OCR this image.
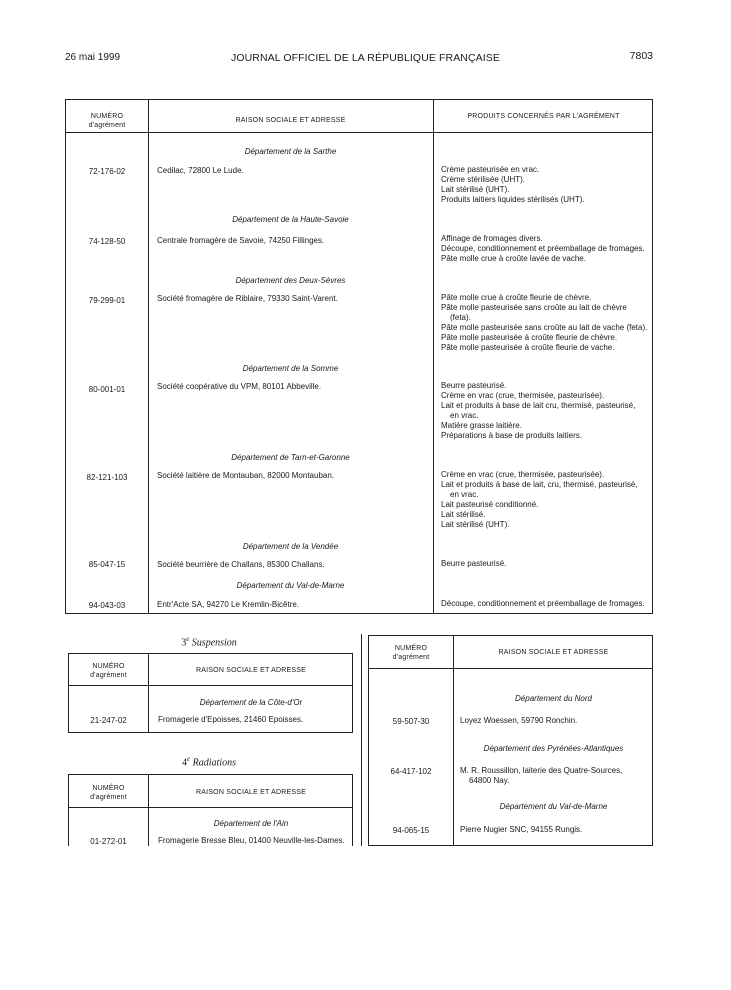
26 mai 1999	JOURNAL OFFICIEL DE LA RÉPUBLIQUE FRANÇAISE	7803
NUMÉRO
d'agrément
RAISON SOCIALE ET ADRESSE
PRODUITS CONCERNÉS PAR L'AGRÉMENT
Département de la Sarthe
72-176-02	Cedilac, 72800 Le Lude.	Crème pasteurisée en vrac.
Crème stérilisée (UHT).
Lait stérilisé (UHT).
Produits laitiers liquides stérilisés (UHT).
Département de la Haute-Savoie
74-128-50	Centrale fromagère de Savoie, 74250 Fillinges.	Affinage de fromages divers.
Découpe, conditionnement et préemballage de fromages.
Pâte molle crue à croûte lavée de vache.
Département des Deux-Sèvres
79-299-01	Société fromagère de Riblaire, 79330 Saint-Varent.	Pâte molle crue à croûte fleurie de chèvre.
Pâte molle pasteurisée sans croûte au lait de chèvre
(feta).
Pâte molle pasteurisée sans croûte au lait de vache (feta).
Pâte molle pasteurisée à croûte fleurie de chèvre.
Pâte molle pasteurisée à croûte fleurie de vache.
Département de la Somme
80-001-01	Société coopérative du VPM, 80101 Abbeville.	Beurre pasteurisé.
Crème en vrac (crue, thermisée, pasteurisée).
Lait et produits à base de lait cru, thermisé, pasteurisé,
en vrac.
Matière grasse laitière.
Préparations à base de produits laitiers.
Département de Tarn-et-Garonne
82-121-103	Société laitière de Montauban, 82000 Montauban.	Crème en vrac (crue, thermisée, pasteurisée).
Lait et produits à base de lait, cru, thermisé, pasteurisé,
en vrac.
Lait pasteurisé conditionné.
Lait stérilisé.
Lait stérilisé (UHT).
Département de la Vendée
85-047-15	Société beurrière de Challans, 85300 Challans.	Beurre pasteurisé.
Département du Val-de-Marne
94-043-03	Entr'Acte SA, 94270 Le Kremlin-Bicêtre.	Découpe, conditionnement et préemballage de fromages.
3e Suspension
NUMÉRO
d'agrément
RAISON SOCIALE ET ADRESSE
Département de la Côte-d'Or
21-247-02	Fromagerie d'Epoisses, 21460 Epoisses.
4e Radiations
NUMÉRO
d'agrément
RAISON SOCIALE ET ADRESSE
Département de l'Ain
01-272-01	Fromagerie Bresse Bleu, 01400 Neuville-les-Dames.
NUMÉRO
d'agrément
RAISON SOCIALE ET ADRESSE
Département du Nord
59-507-30	Loyez Woessen, 59790 Ronchin.
Département des Pyrénées-Atlantiques
64-417-102	M. R. Roussillon, laiterie des Quatre-Sources,
64800 Nay.
Département du Val-de-Marne
94-065-15	Pierre Nugier SNC, 94155 Rungis.
